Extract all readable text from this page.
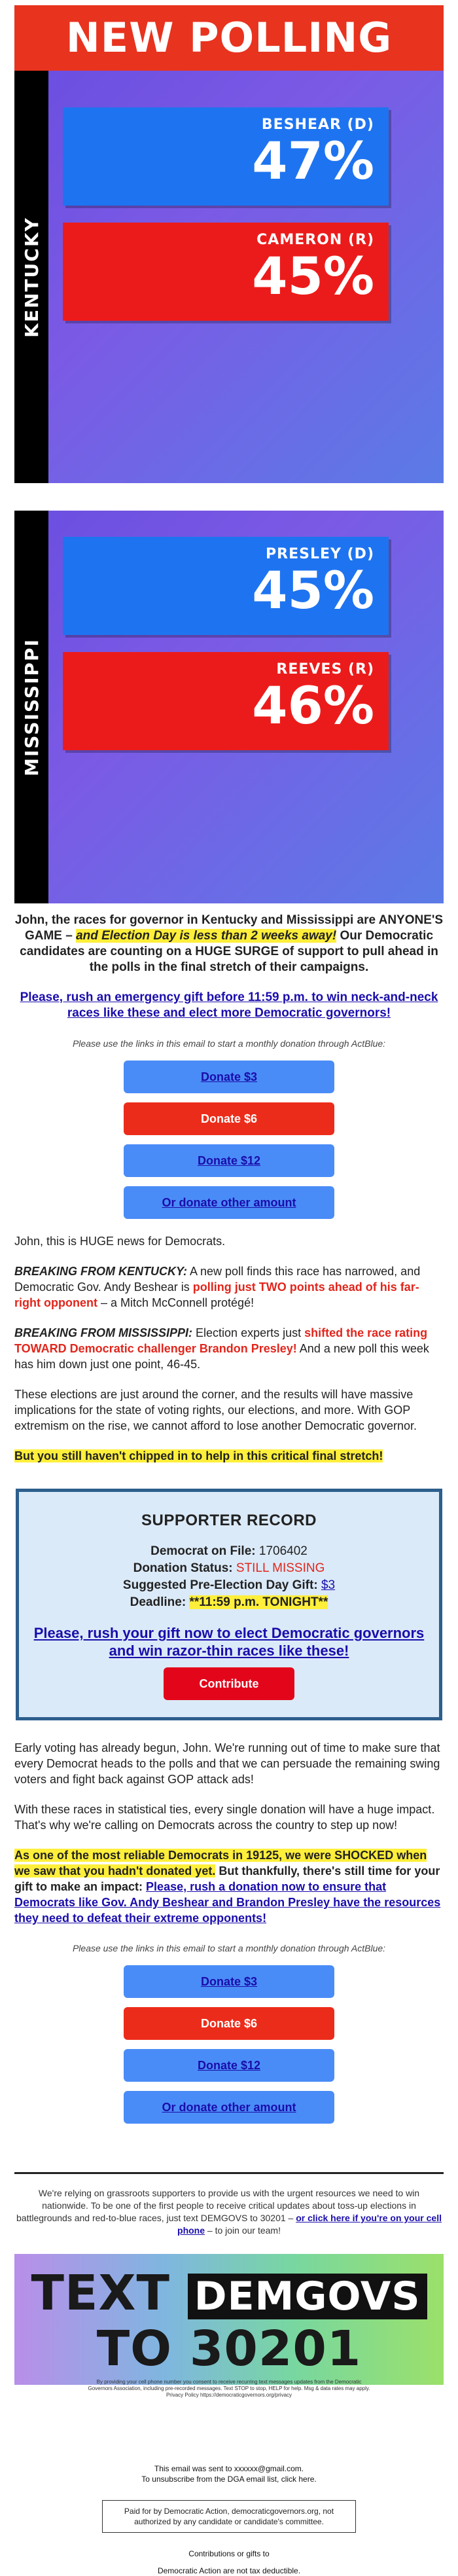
NEW POLLING
KENTUCKY
BESHEAR (D)
47%
CAMERON (R)
45%
MISSISSIPPI
PRESLEY (D)
45%
REEVES (R)
46%

John, the races for governor in Kentucky and Mississippi are ANYONE'S GAME – and Election Day is less than 2 weeks away! Our Democratic candidates are counting on a HUGE SURGE of support to pull ahead in the polls in the final stretch of their campaigns.

Please, rush an emergency gift before 11:59 p.m. to win neck-and-neck races like these and elect more Democratic governors!
Please use the links in this email to start a monthly donation through ActBlue:
Donate $3
Donate $6
Donate $12
Or donate other amount

John, this is HUGE news for Democrats.

BREAKING FROM KENTUCKY: A new poll finds this race has narrowed, and Democratic Gov. Andy Beshear is polling just TWO points ahead of his far-right opponent – a Mitch McConnell protégé!

BREAKING FROM MISSISSIPPI: Election experts just shifted the race rating TOWARD Democratic challenger Brandon Presley! And a new poll this week has him down just one point, 46-45.

These elections are just around the corner, and the results will have massive implications for the state of voting rights, our elections, and more. With GOP extremism on the rise, we cannot afford to lose another Democratic governor.

But you still haven't chipped in to help in this critical final stretch!

SUPPORTER RECORD
Democrat on File: 1706402
Donation Status: STILL MISSING
Suggested Pre-Election Day Gift: $3
Deadline: **11:59 p.m. TONIGHT**
Please, rush your gift now to elect Democratic governors and win razor-thin races like these!
Contribute

Early voting has already begun, John. We're running out of time to make sure that every Democrat heads to the polls and that we can persuade the remaining swing voters and fight back against GOP attack ads!

With these races in statistical ties, every single donation will have a huge impact. That's why we're calling on Democrats across the country to step up now!

As one of the most reliable Democrats in 19125, we were SHOCKED when we saw that you hadn't donated yet. But thankfully, there's still time for your gift to make an impact: Please, rush a donation now to ensure that Democrats like Gov. Andy Beshear and Brandon Presley have the resources they need to defeat their extreme opponents!

Please use the links in this email to start a monthly donation through ActBlue:
Donate $3
Donate $6
Donate $12
Or donate other amount

We're relying on grassroots supporters to provide us with the urgent resources we need to win nationwide. To be one of the first people to receive critical updates about toss-up elections in battlegrounds and red-to-blue races, just text DEMGOVS to 30201 – or click here if you're on your cell phone – to join our team!

TEXT DEMGOVS
TO 30201
By providing your cell phone number you consent to receive recurring text messages updates from the Democratic Governors Association, including pre-recorded messages. Text STOP to stop, HELP for help. Msg & data rates may apply. Privacy Policy https://democraticgovernors.org/privacy
This email was sent to xxxxxx@gmail.com.
To unsubscribe from the DGA email list, click here.
Paid for by Democratic Action, democraticgovernors.org, not authorized by any candidate or candidate's committee.
Contributions or gifts to
Democratic Action are not tax deductible.
